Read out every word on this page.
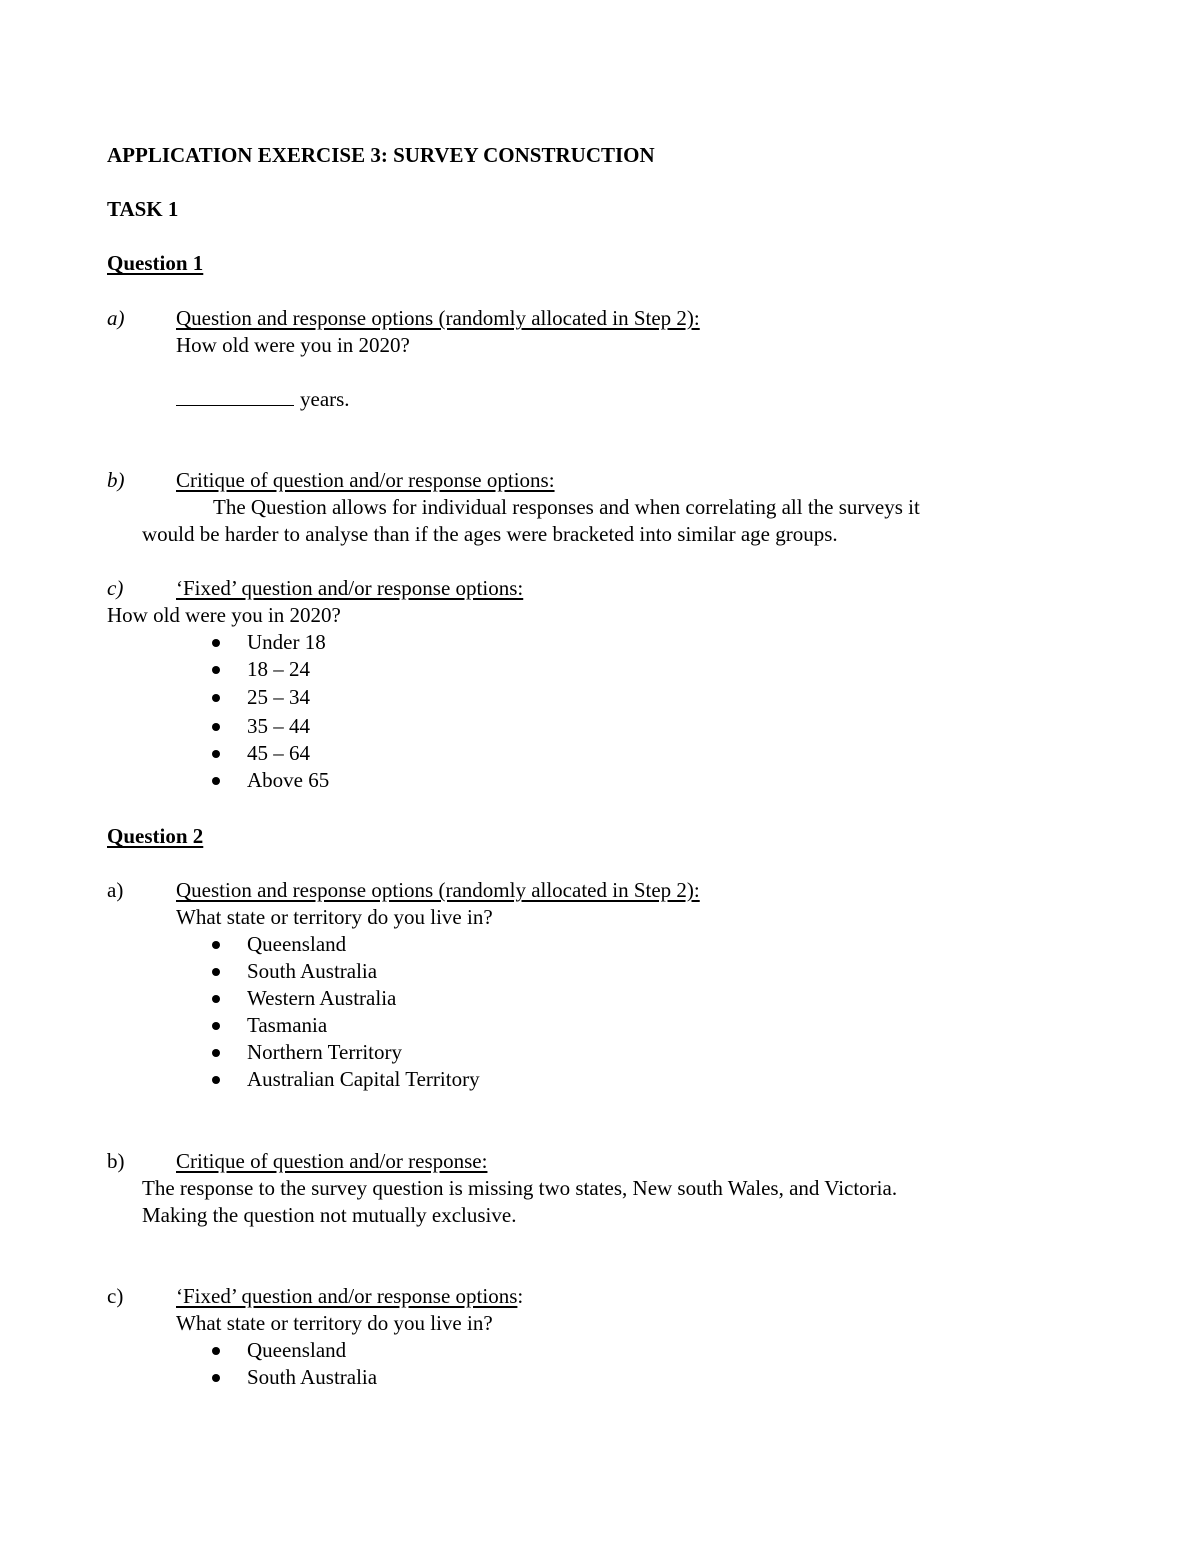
APPLICATION EXERCISE 3: SURVEY CONSTRUCTION
TASK 1
Question 1
a) Question and response options (randomly allocated in Step 2):
How old were you in 2020?
years.
b) Critique of question and/or response options:
The Question allows for individual responses and when correlating all the surveys it
would be harder to analyse than if the ages were bracketed into similar age groups.
c)	‘Fixed’ question and/or response options:
How old were you in 2020?
Under 18
18 – 24
25 – 34
35 – 44
45 – 64
Above 65
Question 2
a)	Question and response options (randomly allocated in Step 2):
What state or territory do you live in?
Queensland
South Australia
Western Australia
Tasmania
Northern Territory
Australian Capital Territory
b) Critique of question and/or response:
The response to the survey question is missing two states, New south Wales, and Victoria.
Making the question not mutually exclusive.
c)	‘Fixed’ question and/or response options:
What state or territory do you live in?
Queensland
South Australia
